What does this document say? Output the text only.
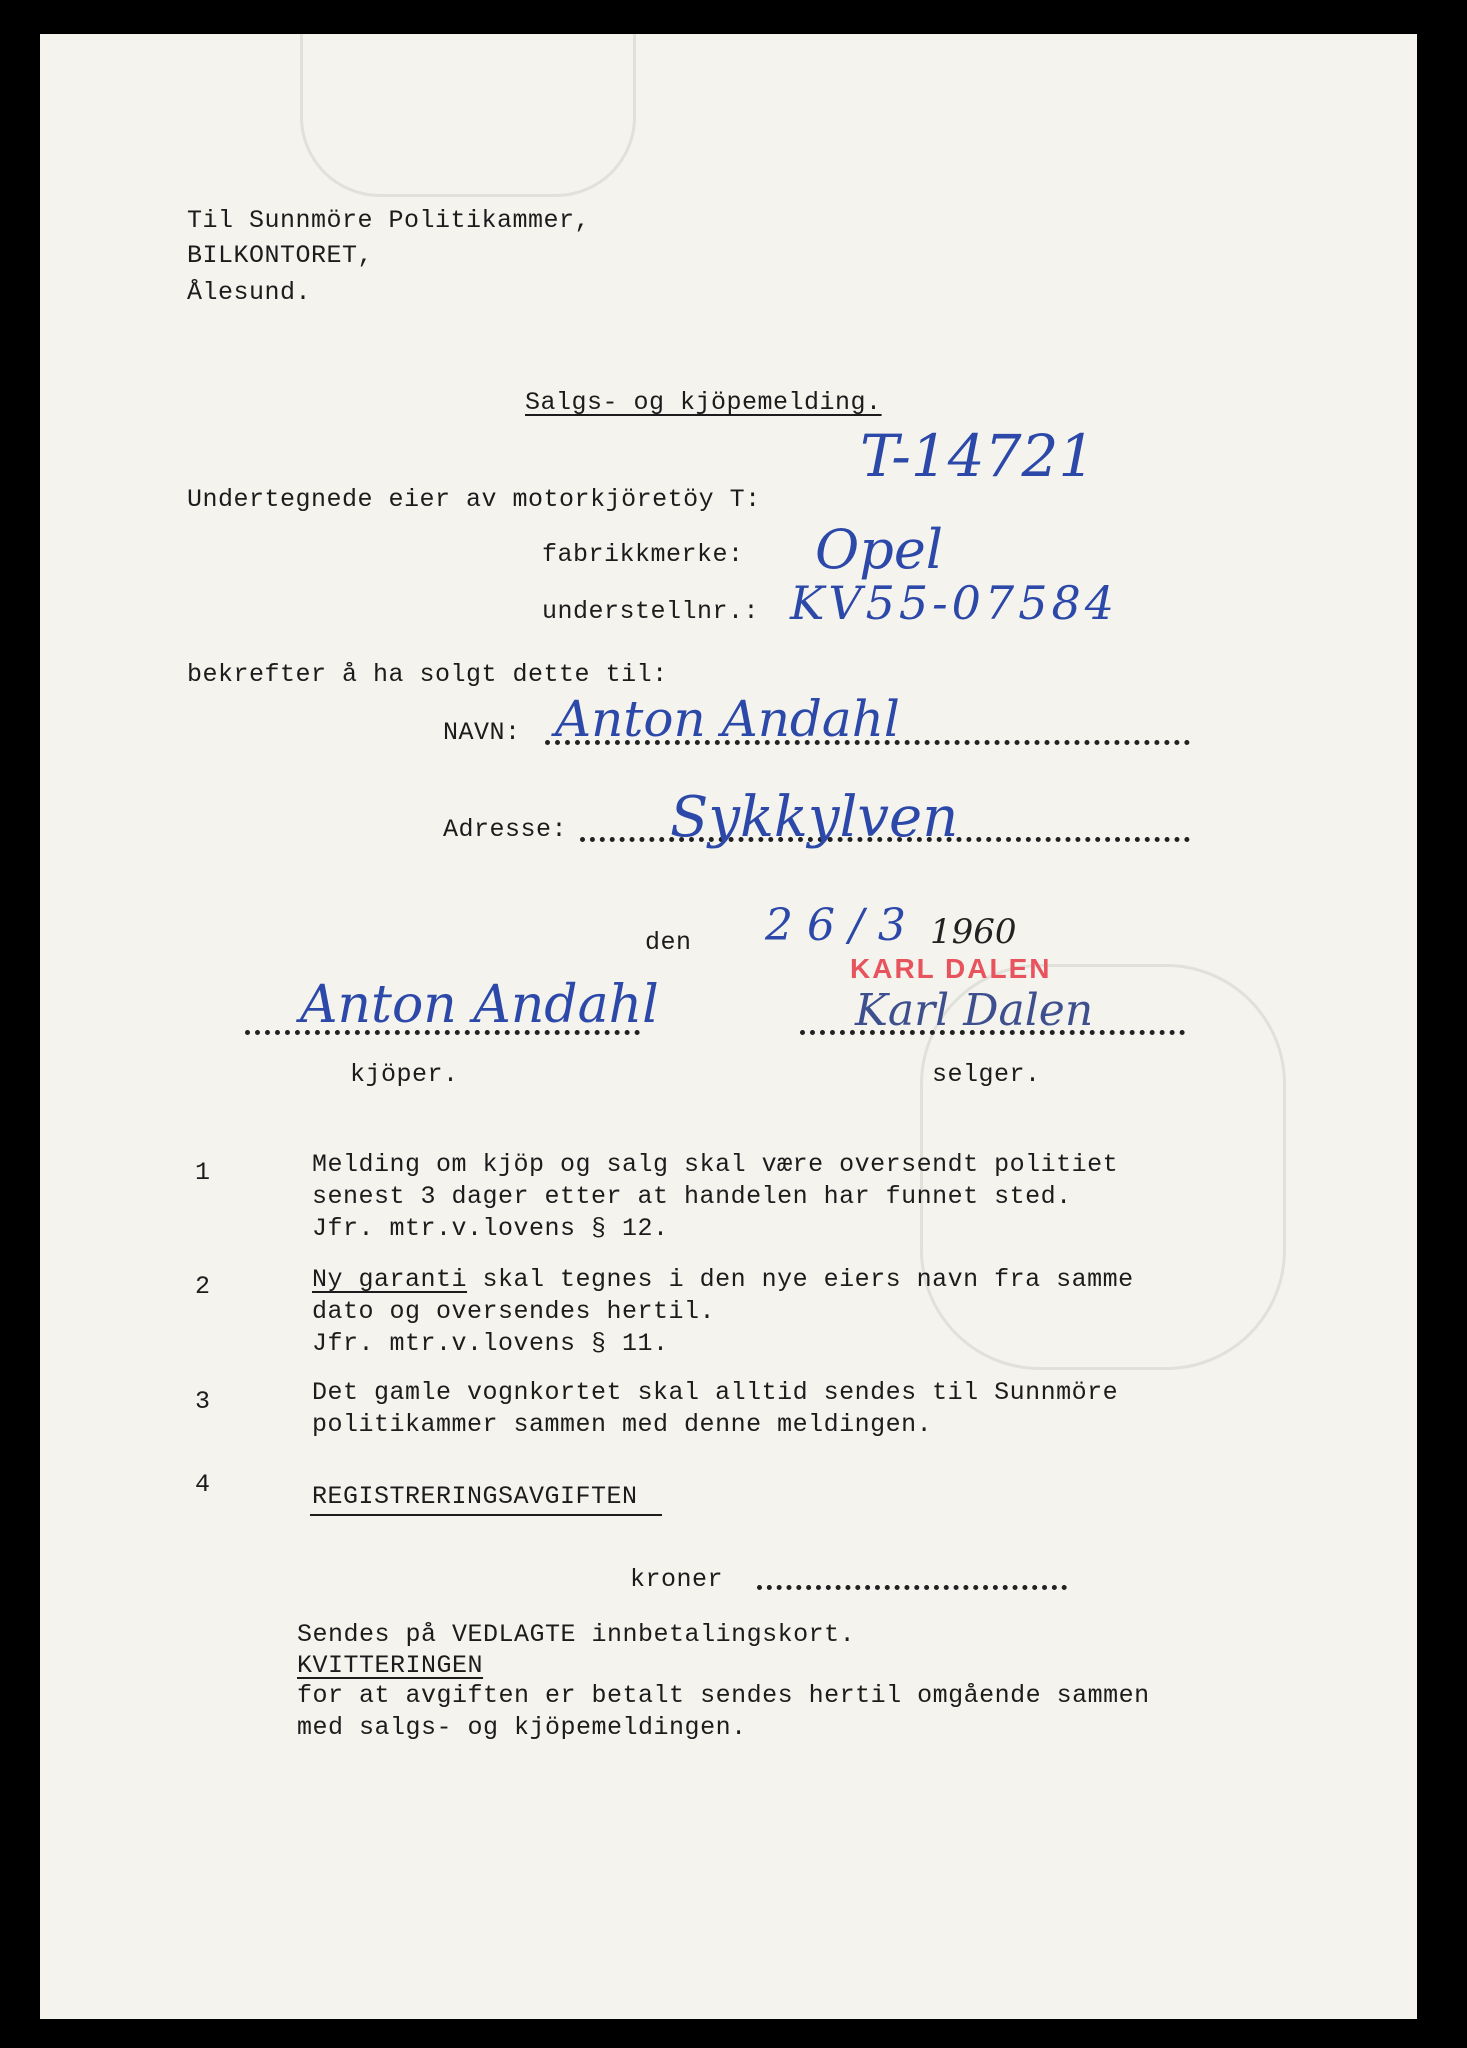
Til Sunnmöre Politikammer,
BILKONTORET,
Ålesund.
Salgs- og kjöpemelding.
T-14721
Undertegnede eier av motorkjöretöy T:
fabrikkmerke: Opel
understellnr.: KV55-07584
bekrefter å ha solgt dette til:
NAVN: Anton Andahl
Adresse: Sykkylven
den 26/3 1960
KARL DALEN
Anton Andahl
kjöper.
Karl Dalen
selger.
1	Melding om kjöp og salg skal være oversendt politiet
senest 3 dager etter at handelen har funnet sted.
Jfr. mtr.v.lovens § 12.
2	Ny garanti skal tegnes i den nye eiers navn fra samme
dato og oversendes hertil.
Jfr. mtr.v.lovens § 11.
3	Det gamle vognkortet skal alltid sendes til Sunnmöre
politikammer sammen med denne meldingen.
4	REGISTRERINGSAVGIFTEN
kroner
Sendes på VEDLAGTE innbetalingskort.
KVITTERINGEN
for at avgiften er betalt sendes hertil omgående sammen
med salgs- og kjöpemeldingen.
